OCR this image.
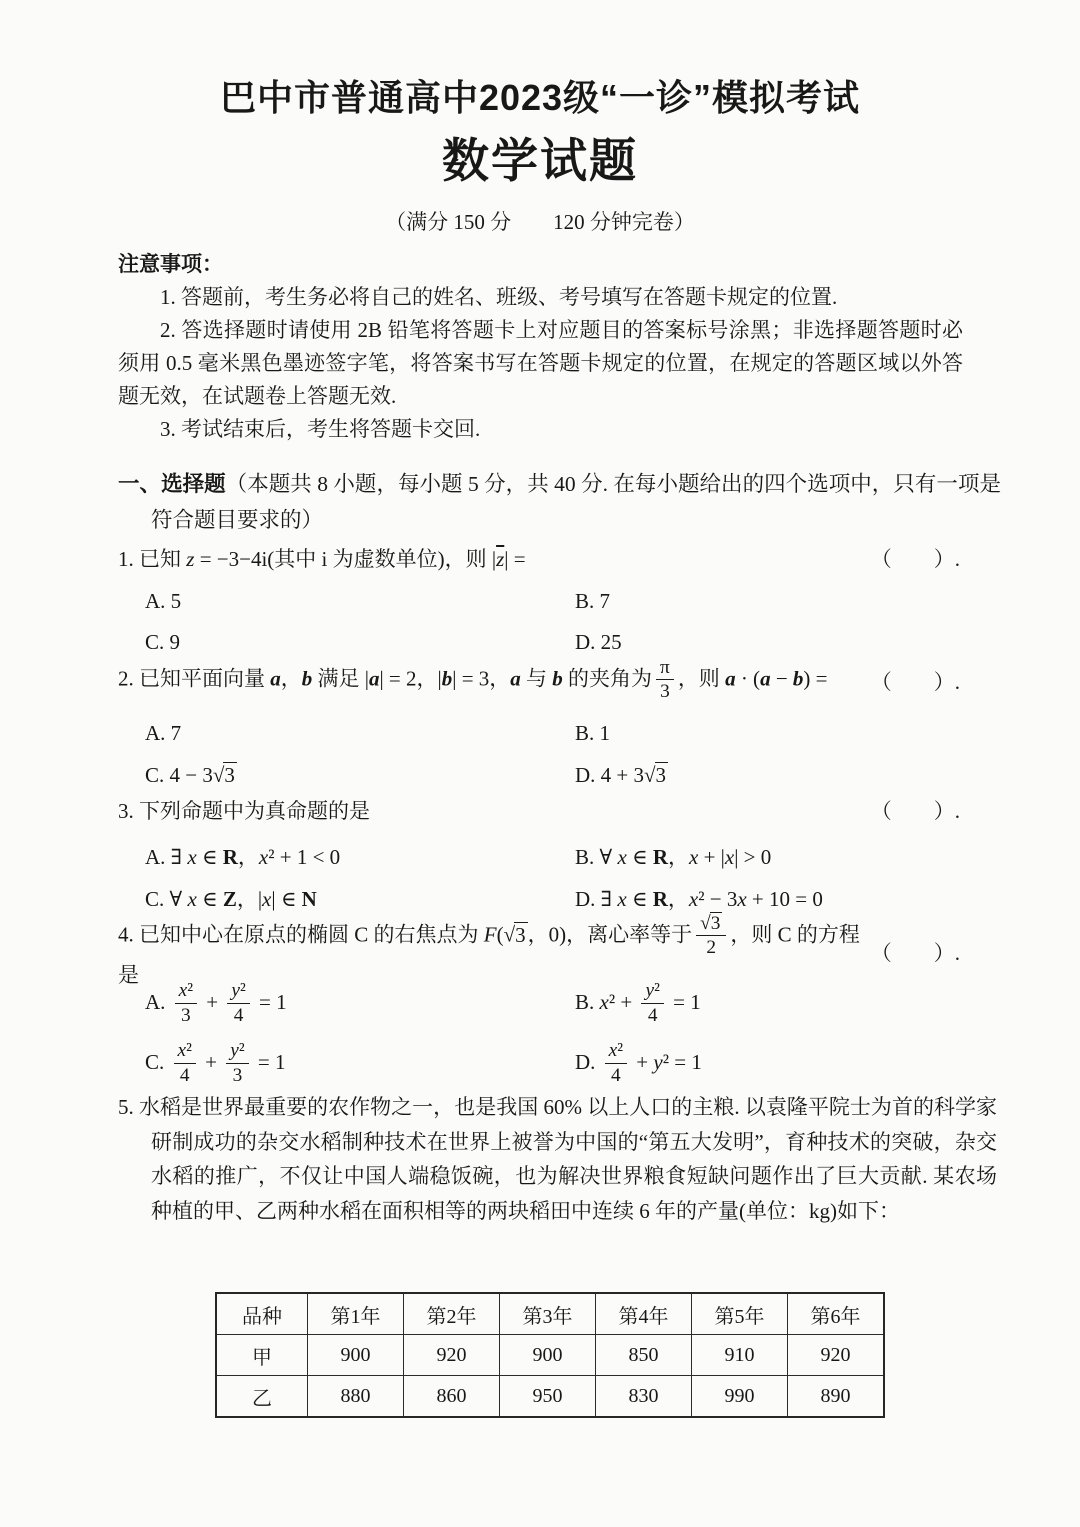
巴中市普通高中2023级“一诊”模拟考试
数学试题
（满分 150 分　　120 分钟完卷）
注意事项：

1. 答题前，考生务必将自己的姓名、班级、考号填写在答题卡规定的位置.

2. 答选择题时请使用 2B 铅笔将答题卡上对应题目的答案标号涂黑；非选择题答题时必须用 0.5 毫米黑色墨迹签字笔，将答案书写在答题卡规定的位置，在规定的答题区域以外答题无效，在试题卷上答题无效.

3. 考试结束后，考生将答题卡交回.

一、选择题（本题共 8 小题，每小题 5 分，共 40 分. 在每小题给出的四个选项中，只有一项是符合题目要求的）
1. 已知 z = −3−4i(其中 i 为虚数单位)，则 $|\overline{z}|$ =	（　　）.
A. 5	B. 7
C. 9	D. 25
2. 已知平面向量 a，b 满足 |a| = 2，|b| = 3，a 与 b 的夹角为 $\frac{\pi}{3}$ ，则 a · (a − b) = （　　）.
A. 7	B. 1
C. 4 − 3√3	D. 4 + 3√3
3. 下列命题中为真命题的是	（　　）.
A. ∃ x ∈ R，x² + 1 < 0	B. ∀ x ∈ R，x + |x| > 0
C. ∀ x ∈ Z，|x| ∈ N	D. ∃ x ∈ R，x² − 3x + 10 = 0
4. 已知中心在原点的椭圆 C 的右焦点为 F(√3，0)，离心率等于 $\frac{√3}{2}$ ，则 C 的方程是
（　　）.
A. $\frac{\text{x²}}{3} + \frac{\text{y²}}{4} = 1$	B. $x^2 + \frac{\text{y²}}{4} = 1$
C. $\frac{\text{x²}}{4} + \frac{\text{y²}}{3} = 1$	D. $\frac{\text{x²}}{4} + y^2 = 1$

5. 水稻是世界最重要的农作物之一，也是我国 60% 以上人口的主粮. 以袁隆平院士为首的科学家研制成功的杂交水稻制种技术在世界上被誉为中国的“第五大发明”，育种技术的突破，杂交水稻的推广，不仅让中国人端稳饭碗，也为解决世界粮食短缺问题作出了巨大贡献. 某农场种植的甲、乙两种水稻在面积相等的两块稻田中连续 6 年的产量(单位：kg)如下：

品种	第1年	第2年	第3年	第4年	第5年	第6年
甲	900	920	900	850	910	920
乙	880	860	950	830	990	890
